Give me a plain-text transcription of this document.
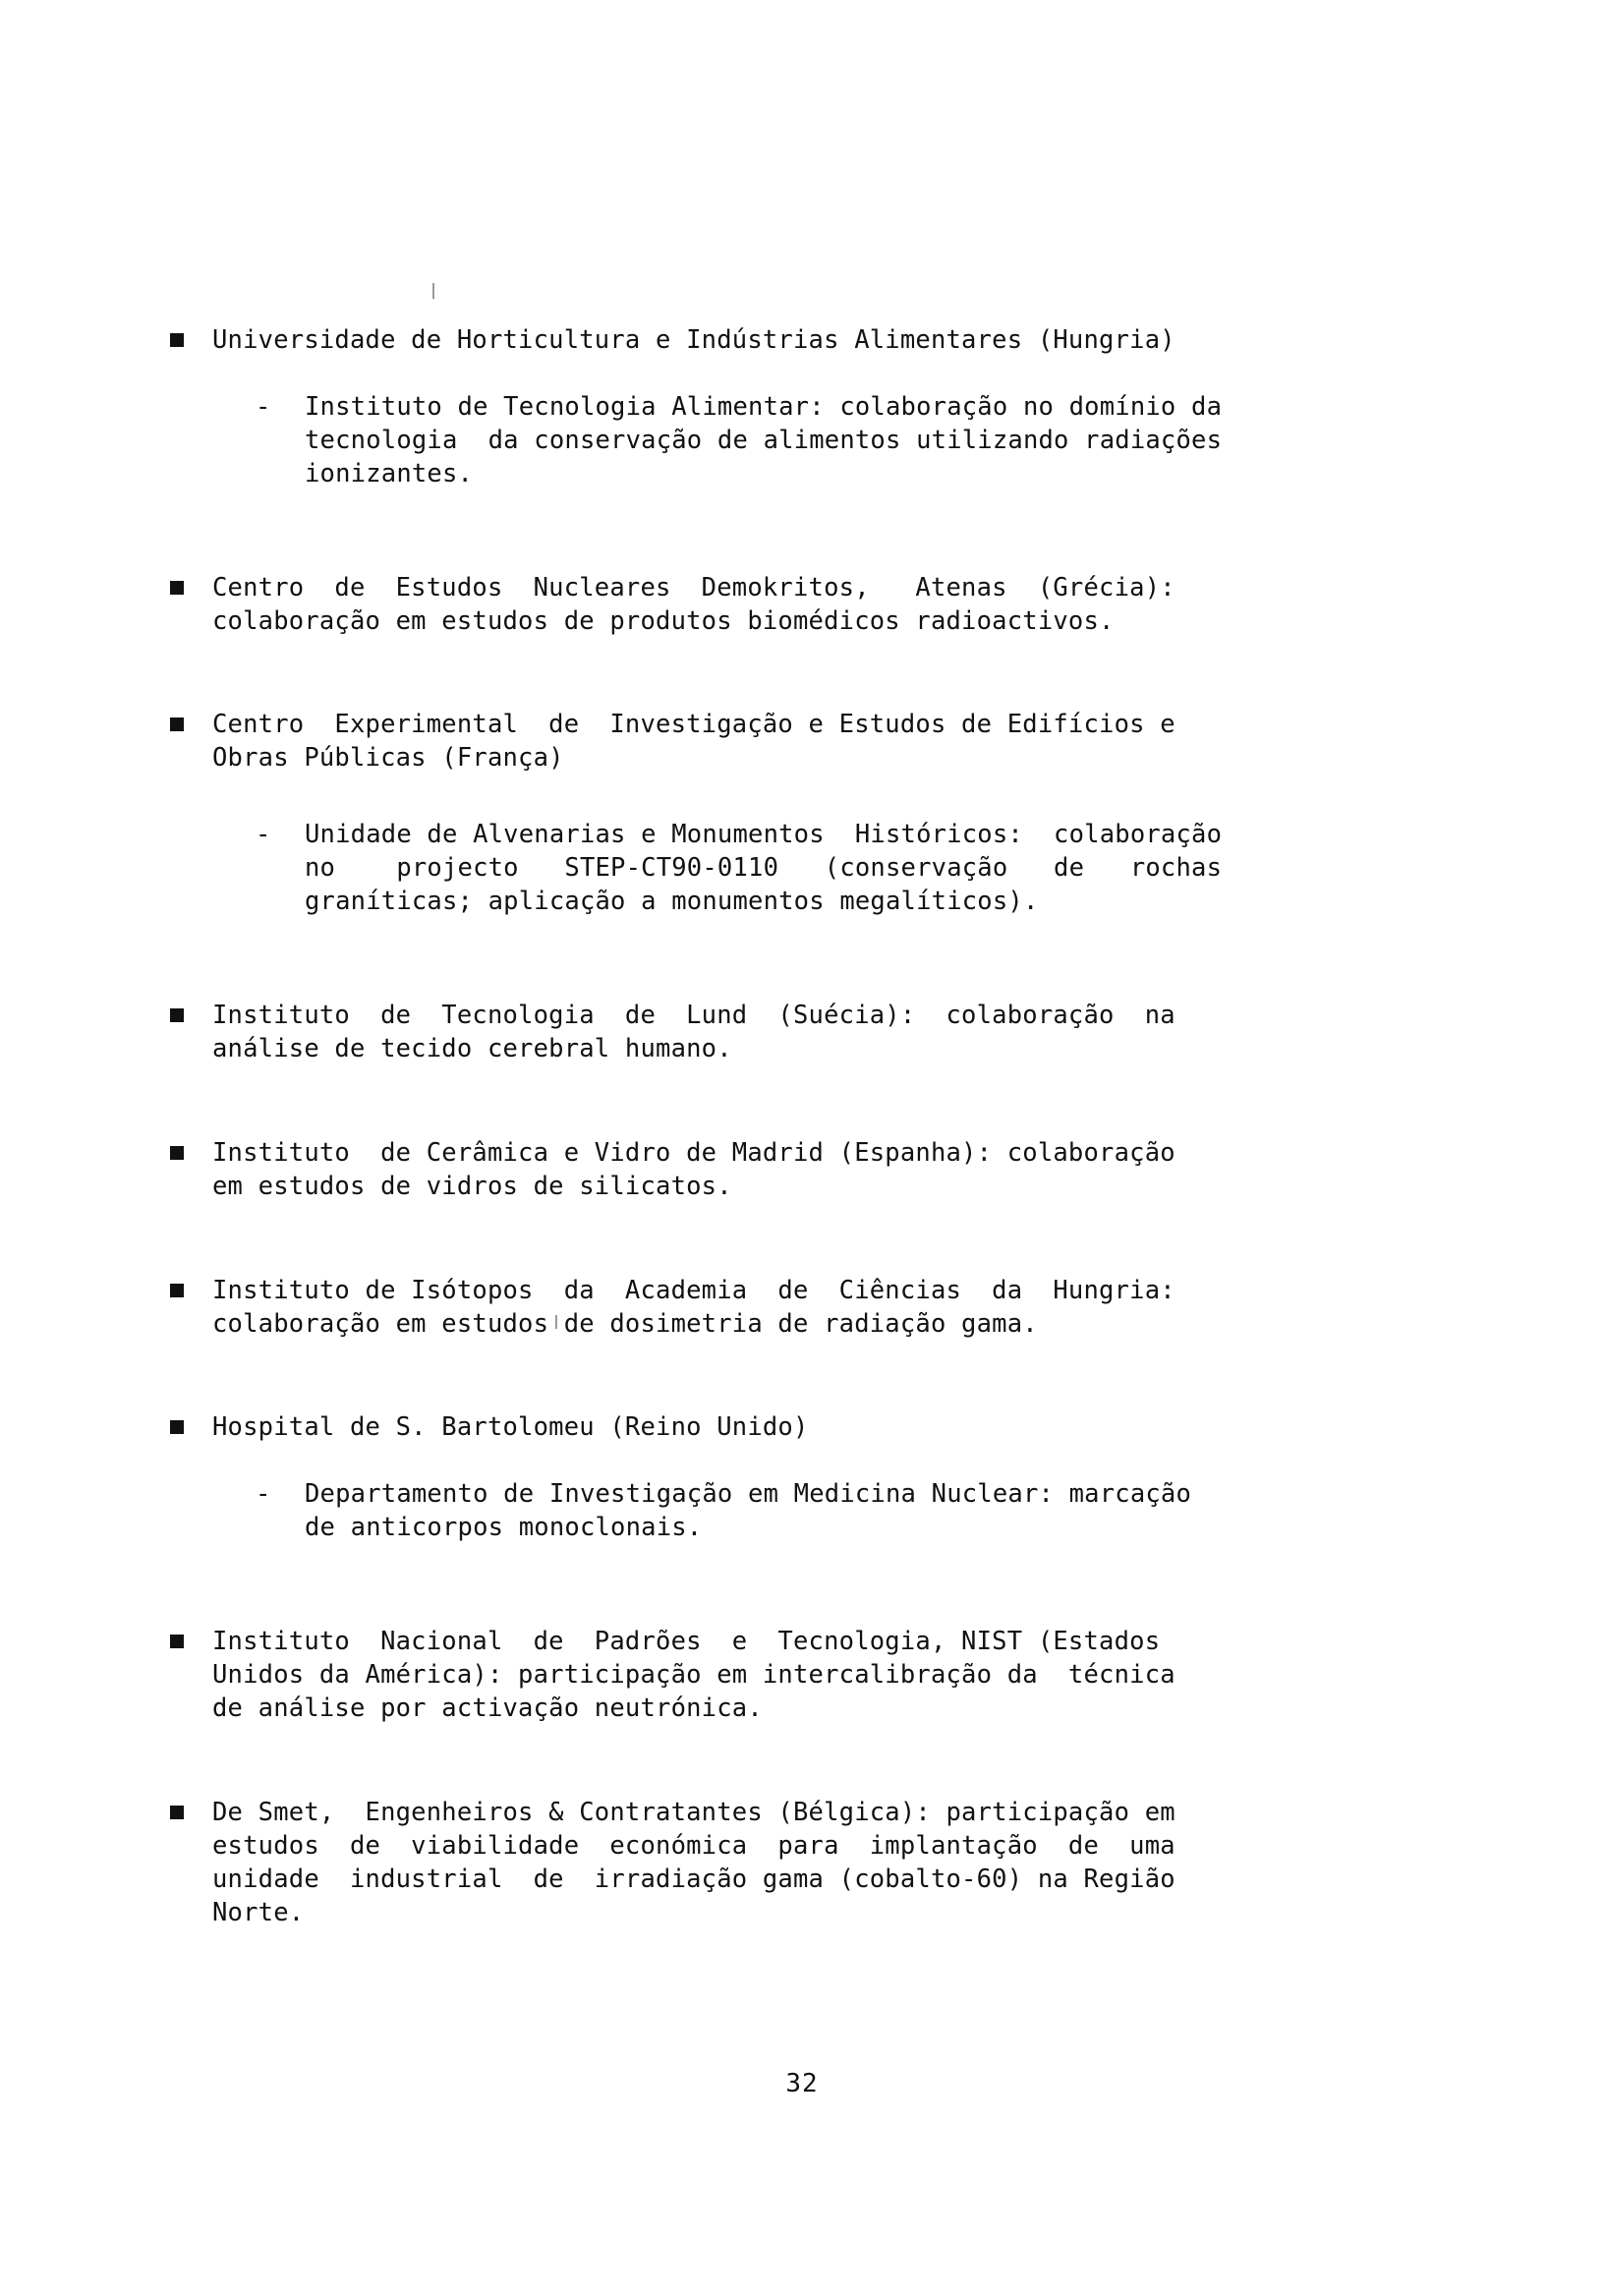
Universidade de Horticultura e Indústrias Alimentares (Hungria)
- Instituto de Tecnologia Alimentar: colaboração no domínio da
tecnologia  da conservação de alimentos utilizando radiações
ionizantes.
Centro  de  Estudos  Nucleares  Demokritos,   Atenas  (Grécia):
colaboração em estudos de produtos biomédicos radioactivos.
Centro  Experimental  de  Investigação e Estudos de Edifícios e
Obras Públicas (França)
- Unidade de Alvenarias e Monumentos  Históricos:  colaboração
no    projecto   STEP-CT90-0110   (conservação   de   rochas
graníticas; aplicação a monumentos megalíticos).
Instituto  de  Tecnologia  de  Lund  (Suécia):  colaboração  na
análise de tecido cerebral humano.
Instituto  de Cerâmica e Vidro de Madrid (Espanha): colaboração
em estudos de vidros de silicatos.
Instituto de Isótopos  da  Academia  de  Ciências  da  Hungria:
colaboração em estudos de dosimetria de radiação gama.
Hospital de S. Bartolomeu (Reino Unido)
- Departamento de Investigação em Medicina Nuclear: marcação
de anticorpos monoclonais.
Instituto  Nacional  de  Padrões  e  Tecnologia, NIST (Estados
Unidos da América): participação em intercalibração da  técnica
de análise por activação neutrónica.
De Smet,  Engenheiros & Contratantes (Bélgica): participação em
estudos  de  viabilidade  económica  para  implantação  de  uma
unidade  industrial  de  irradiação gama (cobalto-60) na Região
Norte.
32
